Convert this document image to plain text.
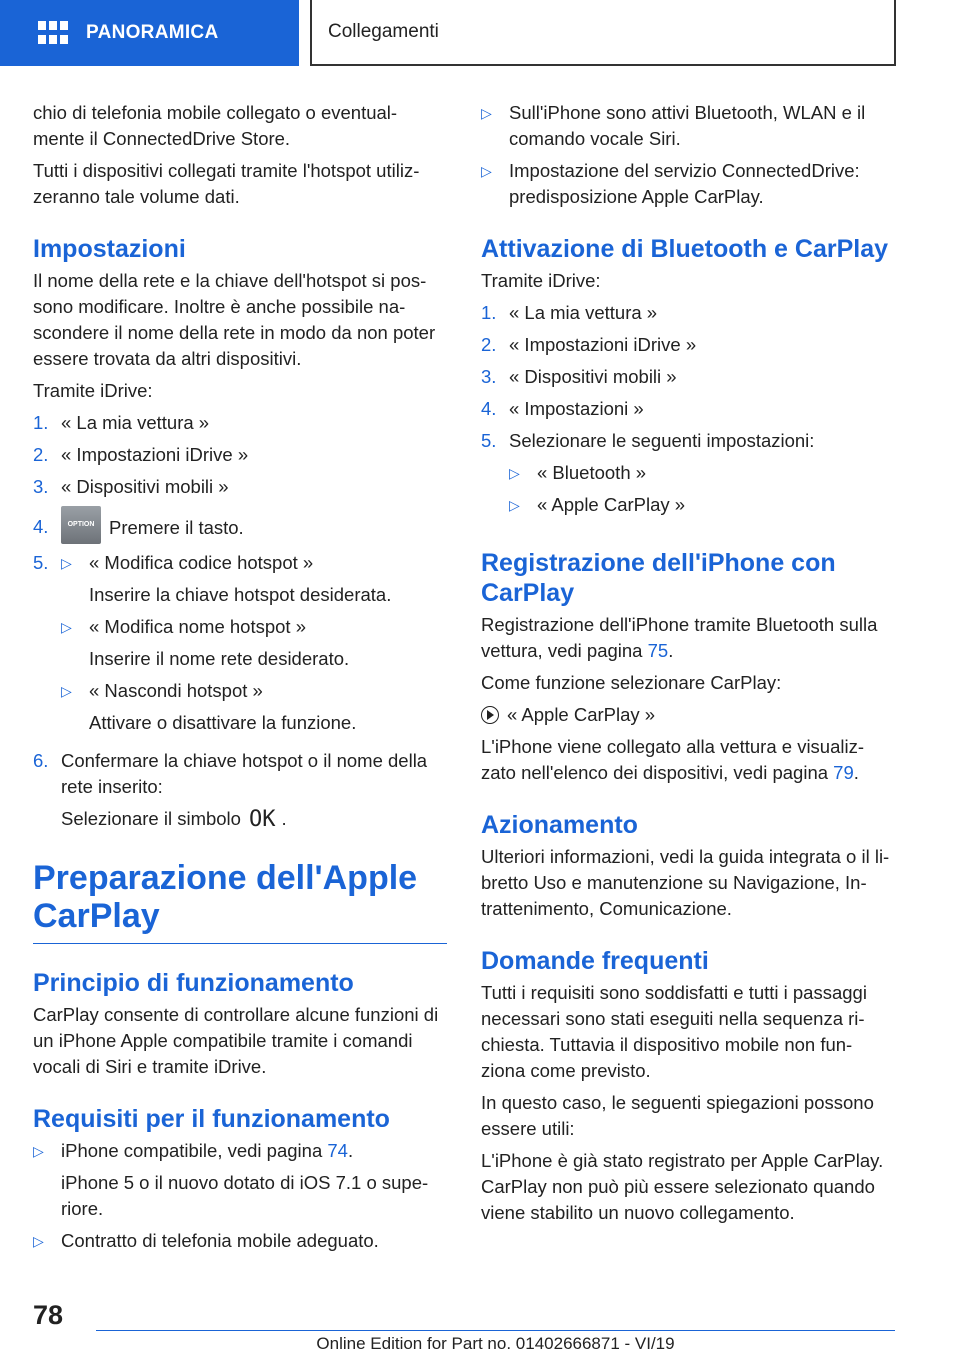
PANORAMICA	Collegamenti

chio di telefonia mobile collegato o eventual-mente il ConnectedDrive Store.

Tutti i dispositivi collegati tramite l'hotspot utiliz-zeranno tale volume dati.

Impostazioni

Il nome della rete e la chiave dell'hotspot si pos-sono modificare. Inoltre è anche possibile na-scondere il nome della rete in modo da non poter essere trovata da altri dispositivi.

Tramite iDrive:

1. « La mia vettura »
2. « Impostazioni iDrive »
3. « Dispositivi mobili »
4.	OPTION Premere il tasto.
5. ▷ « Modifica codice hotspot »
Inserire la chiave hotspot desiderata.
▷ « Modifica nome hotspot »
Inserire il nome rete desiderato.
▷ « Nascondi hotspot »
Attivare o disattivare la funzione.
6. Confermare la chiave hotspot o il nome della rete inserito:
Selezionare il simbolo OK .
Preparazione dell'Apple CarPlay
Principio di funzionamento

CarPlay consente di controllare alcune funzioni di un iPhone Apple compatibile tramite i comandi vocali di Siri e tramite iDrive.

Requisiti per il funzionamento
▷ iPhone compatibile, vedi pagina 74.
iPhone 5 o il nuovo dotato di iOS 7.1 o supe-riore.
▷ Contratto di telefonia mobile adeguato.
▷ Sull'iPhone sono attivi Bluetooth, WLAN e il comando vocale Siri.
▷ Impostazione del servizio ConnectedDrive: predisposizione Apple CarPlay.
Attivazione di Bluetooth e CarPlay

Tramite iDrive:

1. « La mia vettura »
2. « Impostazioni iDrive »
3. « Dispositivi mobili »
4. « Impostazioni »
5. Selezionare le seguenti impostazioni:
▷ « Bluetooth »
▷ « Apple CarPlay »
Registrazione dell'iPhone con CarPlay

Registrazione dell'iPhone tramite Bluetooth sulla vettura, vedi pagina 75.

Come funzione selezionare CarPlay:

« Apple CarPlay »

L'iPhone viene collegato alla vettura e visualiz-zato nell'elenco dei dispositivi, vedi pagina 79.

Azionamento

Ulteriori informazioni, vedi la guida integrata o il li-bretto Uso e manutenzione su Navigazione, In-trattenimento, Comunicazione.

Domande frequenti

Tutti i requisiti sono soddisfatti e tutti i passaggi necessari sono stati eseguiti nella sequenza ri-chiesta. Tuttavia il dispositivo mobile non fun-ziona come previsto.

In questo caso, le seguenti spiegazioni possono essere utili:

L'iPhone è già stato registrato per Apple CarPlay. CarPlay non può più essere selezionato quando viene stabilito un nuovo collegamento.

78
Online Edition for Part no. 01402666871 - VI/19
